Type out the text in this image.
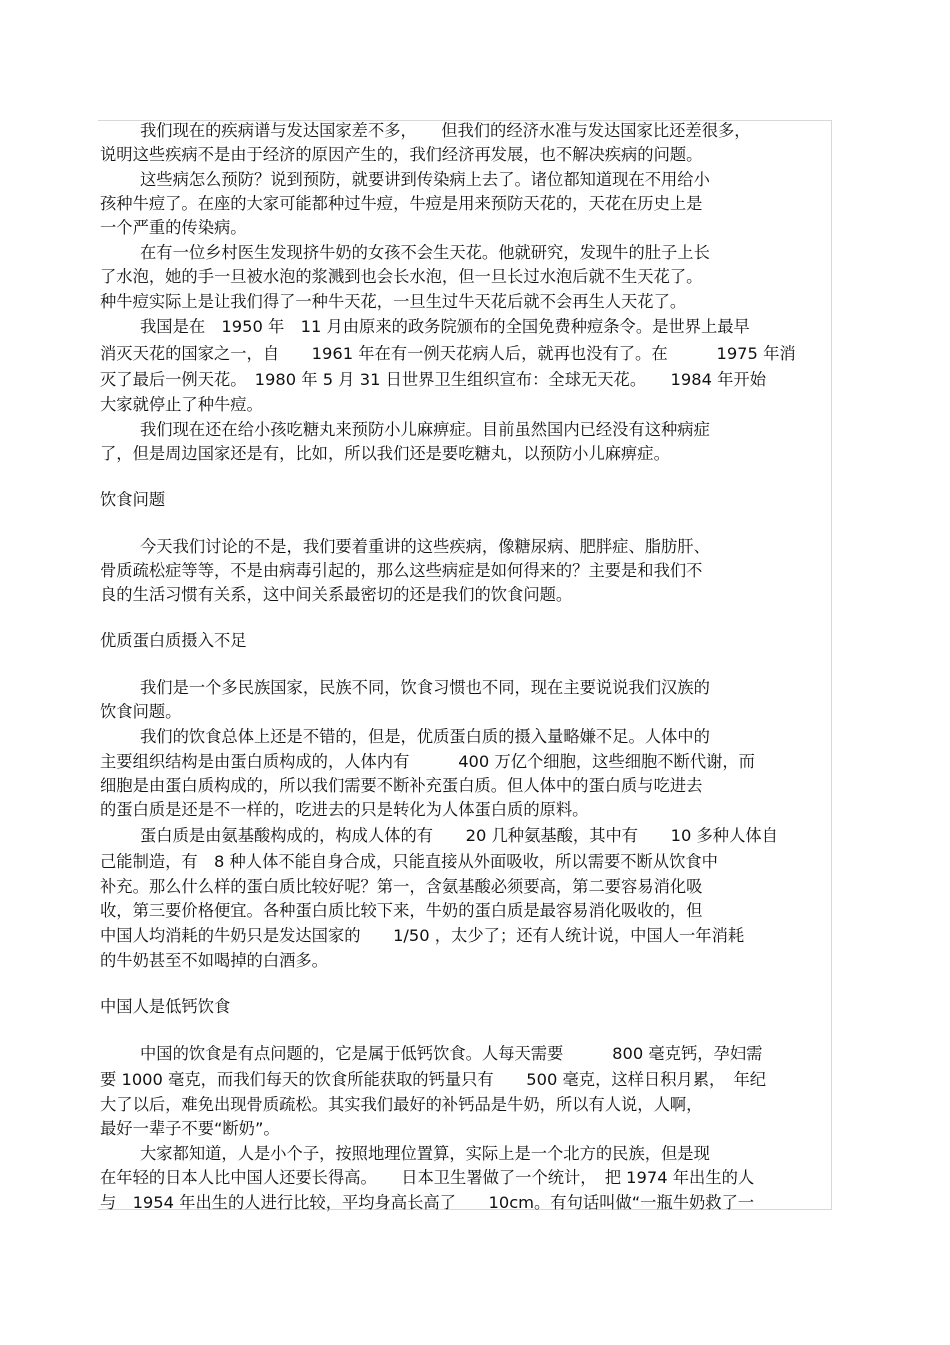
我们现在的疾病谱与发达国家差不多，　　但我们的经济水准与发达国家比还差很多，
说明这些疾病不是由于经济的原因产生的，我们经济再发展，也不解决疾病的问题。
这些病怎么预防？说到预防，就要讲到传染病上去了。诸位都知道现在不用给小
孩种牛痘了。在座的大家可能都种过牛痘，牛痘是用来预防天花的，天花在历史上是
一个严重的传染病。
在有一位乡村医生发现挤牛奶的女孩不会生天花。他就研究，发现牛的肚子上长
了水泡，她的手一旦被水泡的浆溅到也会长水泡，但一旦长过水泡后就不生天花了。
种牛痘实际上是让我们得了一种牛天花，一旦生过牛天花后就不会再生人天花了。
我国是在　1950 年　11 月由原来的政务院颁布的全国免费种痘条令。是世界上最早
消灭天花的国家之一，自　　1961 年在有一例天花病人后，就再也没有了。在　　　1975 年消
灭了最后一例天花。　1980 年 5 月 31 日世界卫生组织宣布：全球无天花。　　1984 年开始
大家就停止了种牛痘。
我们现在还在给小孩吃糖丸来预防小儿麻痹症。目前虽然国内已经没有这种病症
了，但是周边国家还是有，比如，所以我们还是要吃糖丸，以预防小儿麻痹症。
饮食问题
今天我们讨论的不是，我们要着重讲的这些疾病，像糖尿病、肥胖症、脂肪肝、
骨质疏松症等等，不是由病毒引起的，那么这些病症是如何得来的？主要是和我们不
良的生活习惯有关系，这中间关系最密切的还是我们的饮食问题。
优质蛋白质摄入不足
我们是一个多民族国家，民族不同，饮食习惯也不同，现在主要说说我们汉族的
饮食问题。
我们的饮食总体上还是不错的，但是，优质蛋白质的摄入量略嫌不足。人体中的
主要组织结构是由蛋白质构成的，人体内有　　　400 万亿个细胞，这些细胞不断代谢，而
细胞是由蛋白质构成的，所以我们需要不断补充蛋白质。但人体中的蛋白质与吃进去
的蛋白质是还是不一样的，吃进去的只是转化为人体蛋白质的原料。
蛋白质是由氨基酸构成的，构成人体的有　　20 几种氨基酸，其中有　　10 多种人体自
己能制造，有　8 种人体不能自身合成，只能直接从外面吸收，所以需要不断从饮食中
补充。那么什么样的蛋白质比较好呢？第一，含氨基酸必须要高，第二要容易消化吸
收，第三要价格便宜。各种蛋白质比较下来，牛奶的蛋白质是最容易消化吸收的，但
中国人均消耗的牛奶只是发达国家的　　1/50 ，太少了；还有人统计说，中国人一年消耗
的牛奶甚至不如喝掉的白酒多。
中国人是低钙饮食
中国的饮食是有点问题的，它是属于低钙饮食。人每天需要　　　800 毫克钙，孕妇需
要 1000 毫克，而我们每天的饮食所能获取的钙量只有　　500 毫克，这样日积月累，　年纪
大了以后，难免出现骨质疏松。其实我们最好的补钙品是牛奶，所以有人说，人啊，
最好一辈子不要“断奶”。
大家都知道，人是小个子，按照地理位置算，实际上是一个北方的民族，但是现
在年轻的日本人比中国人还要长得高。　　日本卫生署做了一个统计，　把 1974 年出生的人
与　1954 年出生的人进行比较，平均身高长高了　　10cm。有句话叫做“一瓶牛奶救了一
